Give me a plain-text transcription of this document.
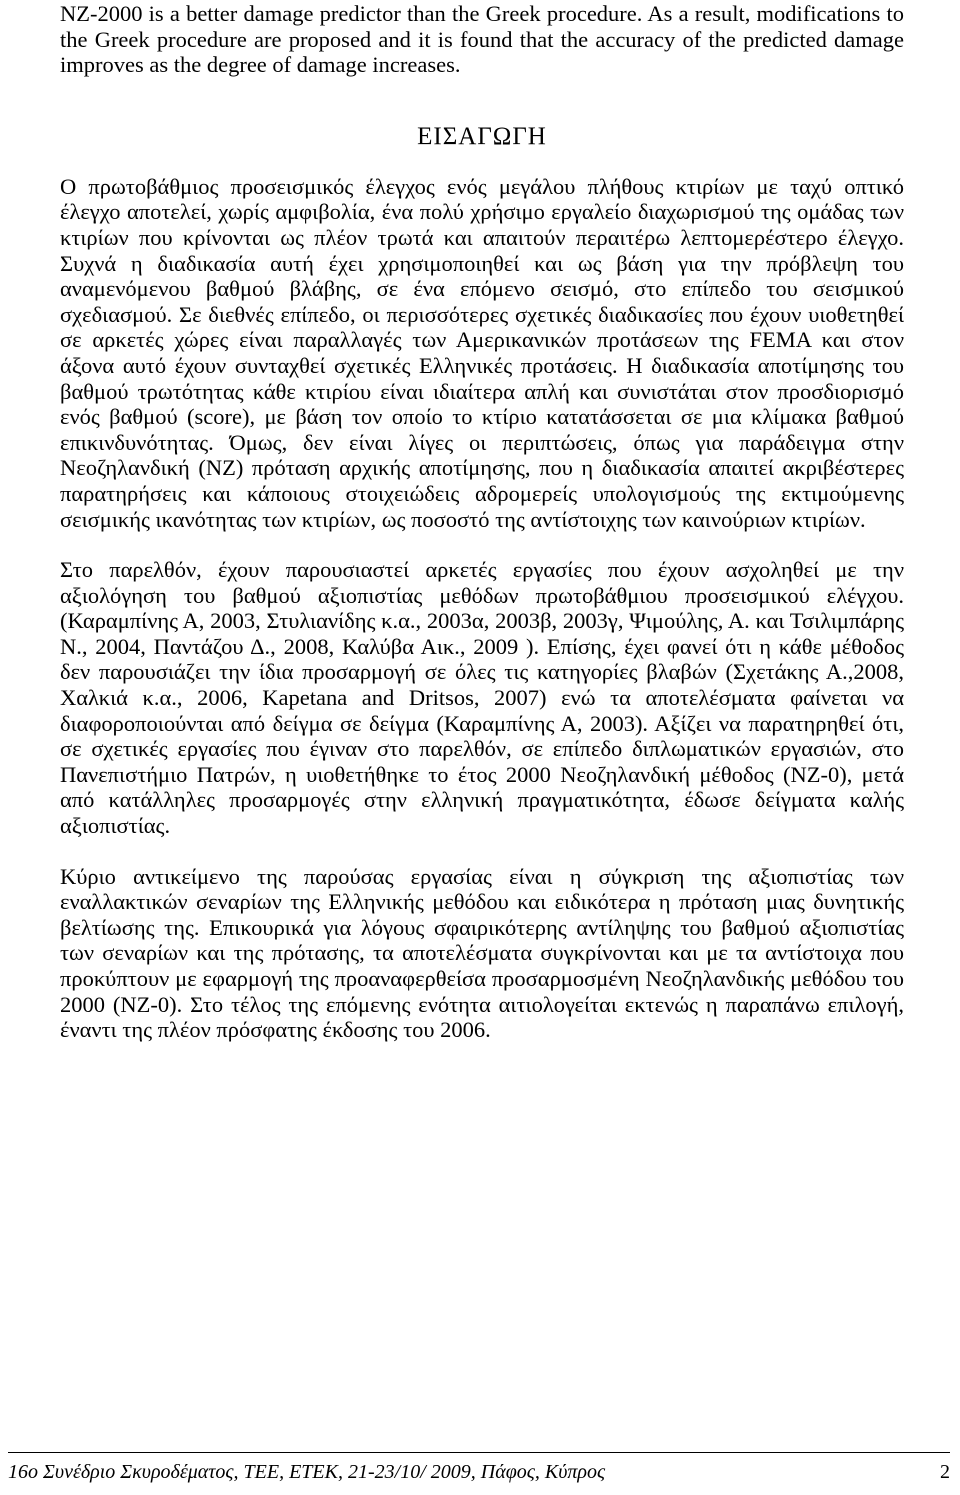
NZ-2000 is a better damage predictor than the Greek procedure. As a result, modifications to the Greek procedure are proposed and it is found that the accuracy of the predicted damage improves as the degree of damage increases.

ΕΙΣΑΓΩΓΗ

Ο πρωτοβάθμιος προσεισμικός έλεγχος ενός μεγάλου πλήθους κτιρίων με ταχύ οπτικό έλεγχο αποτελεί, χωρίς αμφιβολία, ένα πολύ χρήσιμο εργαλείο διαχωρισμού της ομάδας των κτιρίων που κρίνονται ως πλέον τρωτά και απαιτούν περαιτέρω λεπτομερέστερο έλεγχο. Συχνά η διαδικασία αυτή έχει χρησιμοποιηθεί και ως βάση για την πρόβλεψη του αναμενόμενου βαθμού βλάβης, σε ένα επόμενο σεισμό, στο επίπεδο του σεισμικού σχεδιασμού. Σε διεθνές επίπεδο, οι περισσότερες σχετικές διαδικασίες που έχουν υιοθετηθεί σε αρκετές χώρες είναι παραλλαγές των Αμερικανικών προτάσεων της FEMA και στον άξονα αυτό έχουν συνταχθεί σχετικές Ελληνικές προτάσεις. Η διαδικασία αποτίμησης του βαθμού τρωτότητας κάθε κτιρίου είναι ιδιαίτερα απλή και συνιστάται στον προσδιορισμό ενός βαθμού (score), με βάση τον οποίο το κτίριο κατατάσσεται σε μια κλίμακα βαθμού επικινδυνότητας. Όμως, δεν είναι λίγες οι περιπτώσεις, όπως για παράδειγμα στην Νεοζηλανδική (NZ) πρόταση αρχικής αποτίμησης, που η διαδικασία απαιτεί ακριβέστερες παρατηρήσεις και κάποιους στοιχειώδεις αδρομερείς υπολογισμούς της εκτιμούμενης σεισμικής ικανότητας των κτιρίων, ως ποσοστό της αντίστοιχης των καινούριων κτιρίων.

Στο παρελθόν, έχουν παρουσιαστεί αρκετές εργασίες που έχουν ασχοληθεί με την αξιολόγηση του βαθμού αξιοπιστίας μεθόδων πρωτοβάθμιου προσεισμικού ελέγχου. (Καραμπίνης Α, 2003, Στυλιανίδης κ.α., 2003α, 2003β, 2003γ, Ψιμούλης, Α. και Τσιλιμπάρης Ν., 2004, Παντάζου Δ., 2008, Καλύβα Αικ., 2009 ). Επίσης, έχει φανεί ότι η κάθε μέθοδος δεν παρουσιάζει την ίδια προσαρμογή σε όλες τις κατηγορίες βλαβών (Σχετάκης Α.,2008, Χαλκιά κ.α., 2006, Kapetana and Dritsos, 2007) ενώ τα αποτελέσματα φαίνεται να διαφοροποιούνται από δείγμα σε δείγμα (Καραμπίνης Α, 2003). Αξίζει να παρατηρηθεί ότι, σε σχετικές εργασίες που έγιναν στο παρελθόν, σε επίπεδο διπλωματικών εργασιών, στο Πανεπιστήμιο Πατρών, η υιοθετήθηκε το έτος 2000 Νεοζηλανδική μέθοδος (NZ-0), μετά από κατάλληλες προσαρμογές στην ελληνική πραγματικότητα, έδωσε δείγματα καλής αξιοπιστίας.

Κύριο αντικείμενο της παρούσας εργασίας είναι η σύγκριση της αξιοπιστίας των εναλλακτικών σεναρίων της Ελληνικής μεθόδου και ειδικότερα η πρόταση μιας δυνητικής βελτίωσης της. Επικουρικά για λόγους σφαιρικότερης αντίληψης του βαθμού αξιοπιστίας των σεναρίων και της πρότασης, τα αποτελέσματα συγκρίνονται και με τα αντίστοιχα που προκύπτουν με εφαρμογή της προαναφερθείσα προσαρμοσμένη Νεοζηλανδικής μεθόδου του 2000 (NZ-0). Στο τέλος της επόμενης ενότητα αιτιολογείται εκτενώς η παραπάνω επιλογή, έναντι της πλέον πρόσφατης έκδοσης του 2006.

16ο Συνέδριο Σκυροδέματος, ΤΕΕ, ΕΤΕΚ, 21-23/10/ 2009, Πάφος, Κύπρος	2
